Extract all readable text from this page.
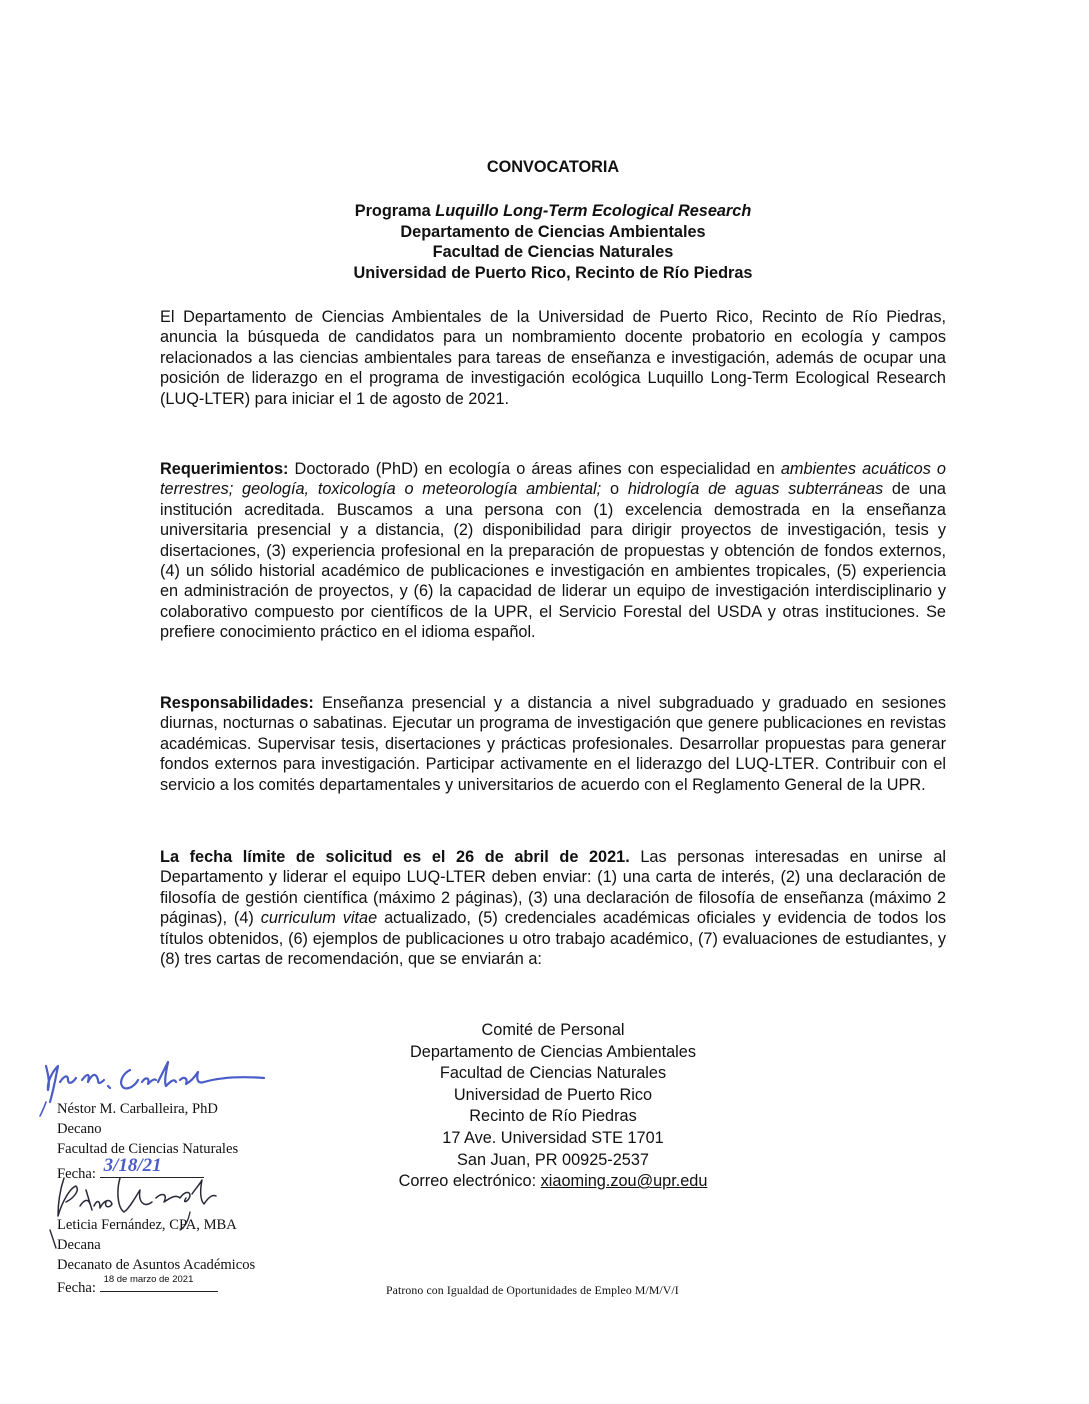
CONVOCATORIA
Programa Luquillo Long-Term Ecological Research
Departamento de Ciencias Ambientales
Facultad de Ciencias Naturales
Universidad de Puerto Rico, Recinto de Río Piedras

El Departamento de Ciencias Ambientales de la Universidad de Puerto Rico, Recinto de Río Piedras, anuncia la búsqueda de candidatos para un nombramiento docente probatorio en ecología y campos relacionados a las ciencias ambientales para tareas de enseñanza e investigación, además de ocupar una posición de liderazgo en el programa de investigación ecológica Luquillo Long-Term Ecological Research (LUQ-LTER) para iniciar el 1 de agosto de 2021.

Requerimientos: Doctorado (PhD) en ecología o áreas afines con especialidad en ambientes acuáticos o terrestres; geología, toxicología o meteorología ambiental; o hidrología de aguas subterráneas de una institución acreditada. Buscamos a una persona con (1) excelencia demostrada en la enseñanza universitaria presencial y a distancia, (2) disponibilidad para dirigir proyectos de investigación, tesis y disertaciones, (3) experiencia profesional en la preparación de propuestas y obtención de fondos externos, (4) un sólido historial académico de publicaciones e investigación en ambientes tropicales, (5) experiencia en administración de proyectos, y (6) la capacidad de liderar un equipo de investigación interdisciplinario y colaborativo compuesto por científicos de la UPR, el Servicio Forestal del USDA y otras instituciones. Se prefiere conocimiento práctico en el idioma español.

Responsabilidades: Enseñanza presencial y a distancia a nivel subgraduado y graduado en sesiones diurnas, nocturnas o sabatinas. Ejecutar un programa de investigación que genere publicaciones en revistas académicas. Supervisar tesis, disertaciones y prácticas profesionales. Desarrollar propuestas para generar fondos externos para investigación. Participar activamente en el liderazgo del LUQ-LTER. Contribuir con el servicio a los comités departamentales y universitarios de acuerdo con el Reglamento General de la UPR.

La fecha límite de solicitud es el 26 de abril de 2021. Las personas interesadas en unirse al Departamento y liderar el equipo LUQ-LTER deben enviar: (1) una carta de interés, (2) una declaración de filosofía de gestión científica (máximo 2 páginas), (3) una declaración de filosofía de enseñanza (máximo 2 páginas), (4) curriculum vitae actualizado, (5) credenciales académicas oficiales y evidencia de todos los títulos obtenidos, (6) ejemplos de publicaciones u otro trabajo académico, (7) evaluaciones de estudiantes, y (8) tres cartas de recomendación, que se enviarán a:

Comité de Personal
Departamento de Ciencias Ambientales
Facultad de Ciencias Naturales
Universidad de Puerto Rico
Recinto de Río Piedras
17 Ave. Universidad STE 1701
San Juan, PR 00925-2537
Correo electrónico: xiaoming.zou@upr.edu
Néstor M. Carballeira, PhD
Decano
Facultad de Ciencias Naturales
Fecha: 3/18/21
Leticia Fernández, CPA, MBA
Decana
Decanato de Asuntos Académicos
Fecha:
18 de marzo de 2021
Patrono con Igualdad de Oportunidades de Empleo M/M/V/I
